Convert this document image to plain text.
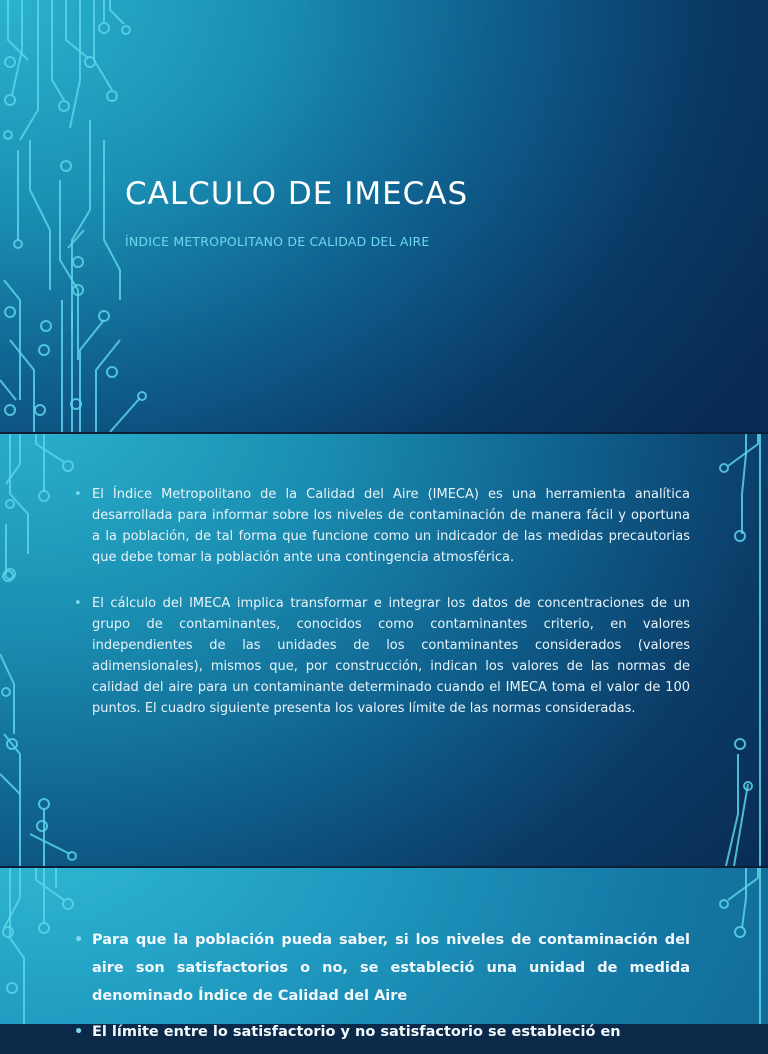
CALCULO DE IMECAS

ÍNDICE METROPOLITANO DE CALIDAD DEL AIRE

• El Índice Metropolitano de la Calidad del Aire (IMECA) es una herramienta analítica desarrollada para informar sobre los niveles de contaminación de manera fácil y oportuna a la población, de tal forma que funcione como un indicador de las medidas precautorias que debe tomar la población ante una contingencia atmosférica.
• El cálculo del IMECA implica transformar e integrar los datos de concentraciones de un grupo de contaminantes, conocidos como contaminantes criterio, en valores independientes de las unidades de los contaminantes considerados (valores adimensionales), mismos que, por construcción, indican los valores de las normas de calidad del aire para un contaminante determinado cuando el IMECA toma el valor de 100 puntos. El cuadro siguiente presenta los valores límite de las normas consideradas.
• Para que la población pueda saber, si los niveles de contaminación del aire son satisfactorios o no, se estableció una unidad de medida denominado Índice de Calidad del Aire
• El límite entre lo satisfactorio y no satisfactorio se estableció en
